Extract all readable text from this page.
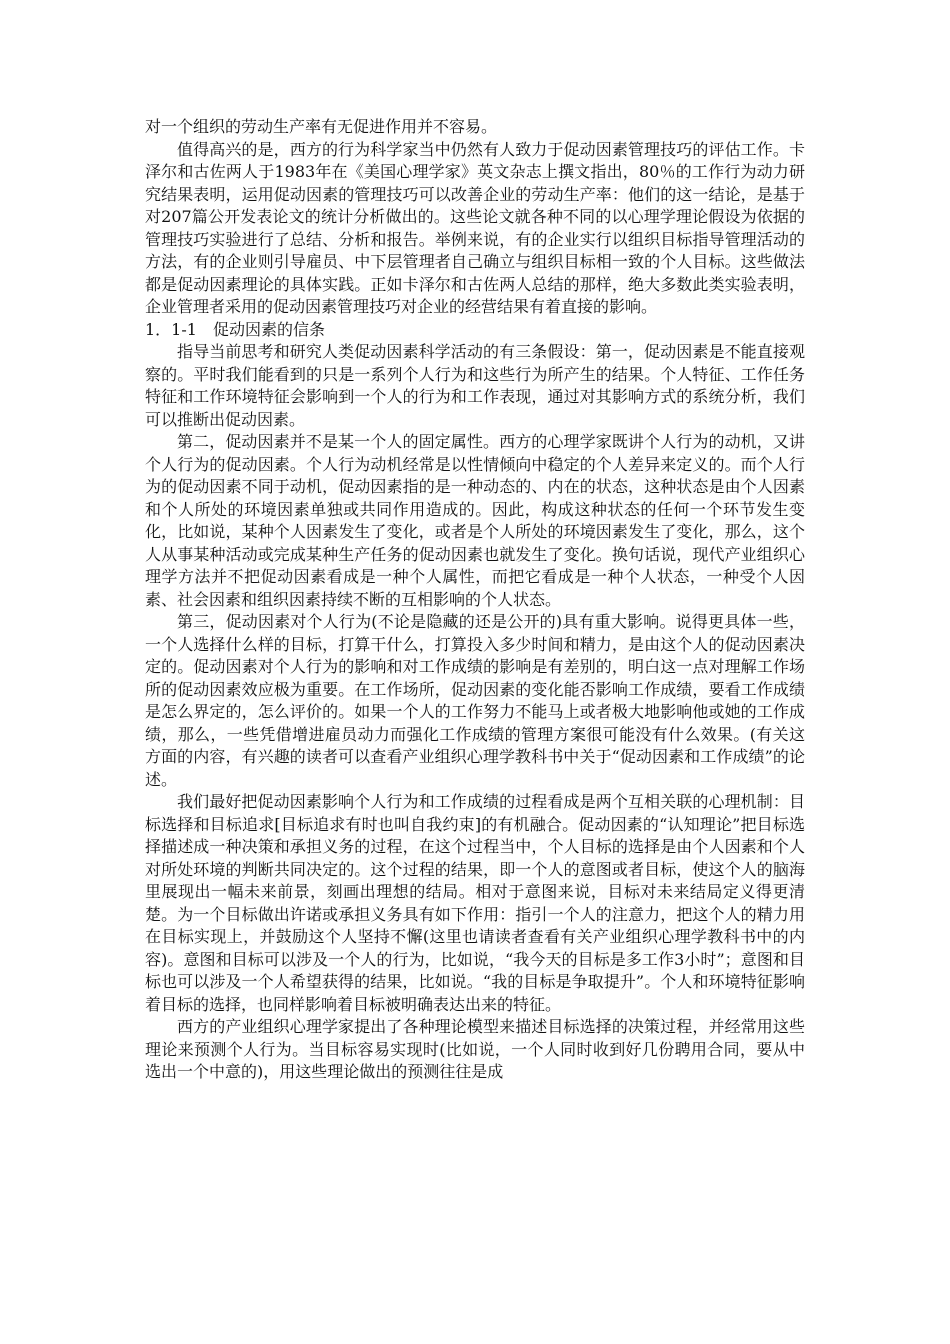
对一个组织的劳动生产率有无促进作用并不容易。

值得高兴的是，西方的行为科学家当中仍然有人致力于促动因素管理技巧的评估工作。卡泽尔和古佐两人于1983年在《美国心理学家》英文杂志上撰文指出，80％的工作行为动力研究结果表明，运用促动因素的管理技巧可以改善企业的劳动生产率：他们的这一结论，是基于对207篇公开发表论文的统计分析做出的。这些论文就各种不同的以心理学理论假设为依据的管理技巧实验进行了总结、分析和报告。举例来说，有的企业实行以组织目标指导管理活动的方法，有的企业则引导雇员、中下层管理者自己确立与组织目标相一致的个人目标。这些做法都是促动因素理论的具体实践。正如卡泽尔和古佐两人总结的那样，绝大多数此类实验表明，企业管理者采用的促动因素管理技巧对企业的经营结果有着直接的影响。

1．1-1　促动因素的信条

指导当前思考和研究人类促动因素科学活动的有三条假设：第一，促动因素是不能直接观察的。平时我们能看到的只是一系列个人行为和这些行为所产生的结果。个人特征、工作任务特征和工作环境特征会影响到一个人的行为和工作表现，通过对其影响方式的系统分析，我们可以推断出促动因素。

第二，促动因素并不是某一个人的固定属性。西方的心理学家既讲个人行为的动机，又讲个人行为的促动因素。个人行为动机经常是以性情倾向中稳定的个人差异来定义的。而个人行为的促动因素不同于动机，促动因素指的是一种动态的、内在的状态，这种状态是由个人因素和个人所处的环境因素单独或共同作用造成的。因此，构成这种状态的任何一个环节发生变化，比如说，某种个人因素发生了变化，或者是个人所处的环境因素发生了变化，那么，这个人从事某种活动或完成某种生产任务的促动因素也就发生了变化。换句话说，现代产业组织心理学方法并不把促动因素看成是一种个人属性，而把它看成是一种个人状态，一种受个人因素、社会因素和组织因素持续不断的互相影响的个人状态。

第三，促动因素对个人行为(不论是隐藏的还是公开的)具有重大影响。说得更具体一些，一个人选择什么样的目标，打算干什么，打算投入多少时间和精力，是由这个人的促动因素决定的。促动因素对个人行为的影响和对工作成绩的影响是有差别的，明白这一点对理解工作场所的促动因素效应极为重要。在工作场所，促动因素的变化能否影响工作成绩，要看工作成绩是怎么界定的，怎么评价的。如果一个人的工作努力不能马上或者极大地影响他或她的工作成绩，那么，一些凭借增进雇员动力而强化工作成绩的管理方案很可能没有什么效果。(有关这方面的内容，有兴趣的读者可以查看产业组织心理学教科书中关于“促动因素和工作成绩”的论述。

我们最好把促动因素影响个人行为和工作成绩的过程看成是两个互相关联的心理机制：目标选择和目标追求[目标追求有时也叫自我约束]的有机融合。促动因素的“认知理论”把目标选择描述成一种决策和承担义务的过程，在这个过程当中，个人目标的选择是由个人因素和个人对所处环境的判断共同决定的。这个过程的结果，即一个人的意图或者目标，使这个人的脑海里展现出一幅未来前景，刻画出理想的结局。相对于意图来说，目标对未来结局定义得更清楚。为一个目标做出许诺或承担义务具有如下作用：指引一个人的注意力，把这个人的精力用在目标实现上，并鼓励这个人坚持不懈(这里也请读者查看有关产业组织心理学教科书中的内容)。意图和目标可以涉及一个人的行为，比如说，“我今天的目标是多工作3小时”；意图和目标也可以涉及一个人希望获得的结果，比如说。“我的目标是争取提升”。个人和环境特征影响着目标的选择，也同样影响着目标被明确表达出来的特征。

西方的产业组织心理学家提出了各种理论模型来描述目标选择的决策过程，并经常用这些理论来预测个人行为。当目标容易实现时(比如说，一个人同时收到好几份聘用合同，要从中选出一个中意的)，用这些理论做出的预测往往是成
